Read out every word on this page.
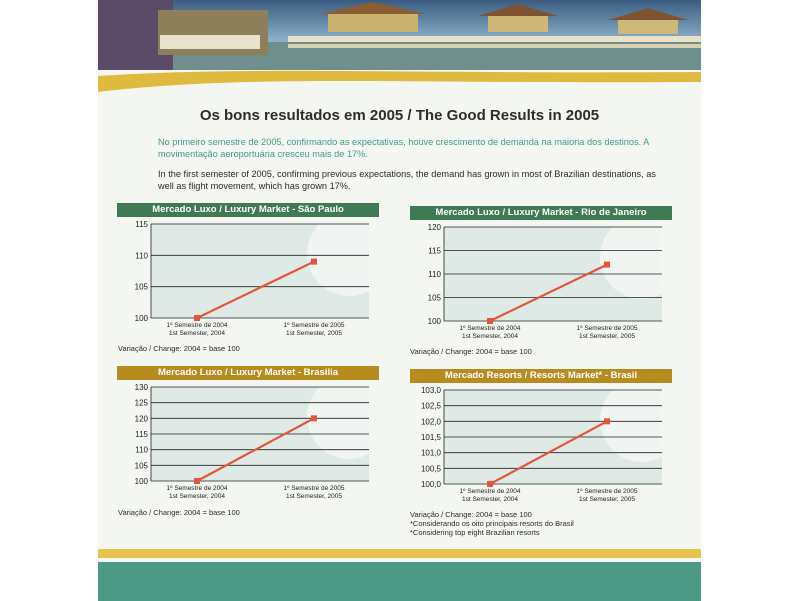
Os bons resultados em 2005 / The Good Results in 2005
No primeiro semestre de 2005, confirmando as expectativas, houve crescimento de demanda na maioria dos destinos. A movimentação aeroportuária cresceu mais de 17%.
In the first semester of 2005, confirming previous expectations, the demand has grown in most of Brazilian destinations, as well as flight movement, which has grown 17%.
Mercado Luxo / Luxury Market - São Paulo
100
105
110
115
1º Semestre de 2004
1st Semester, 2004
1º Semestre de 2005
1st Semester, 2005
Variação / Change: 2004 = base 100
Mercado Luxo / Luxury Market - Rio de Janeiro
100
105
110
115
120
1º Semestre de 2004
1st Semester, 2004
1º Semestre de 2005
1st Semester, 2005
Variação / Change: 2004 = base 100
Mercado Luxo / Luxury Market - Brasilia
100
105
110
115
120
125
130
1º Semestre de 2004
1st Semester, 2004
1º Semestre de 2005
1st Semester, 2005
Variação / Change: 2004 = base 100
Mercado Resorts / Resorts Market* - Brasil
100,0
100,5
101,0
101,5
102,0
102,5
103,0
1º Semestre de 2004
1st Semester, 2004
1º Semestre de 2005
1st Semester, 2005
Variação / Change: 2004 = base 100
*Considerando os oito principais resorts do Brasil
*Considering top eight Brazilian resorts
